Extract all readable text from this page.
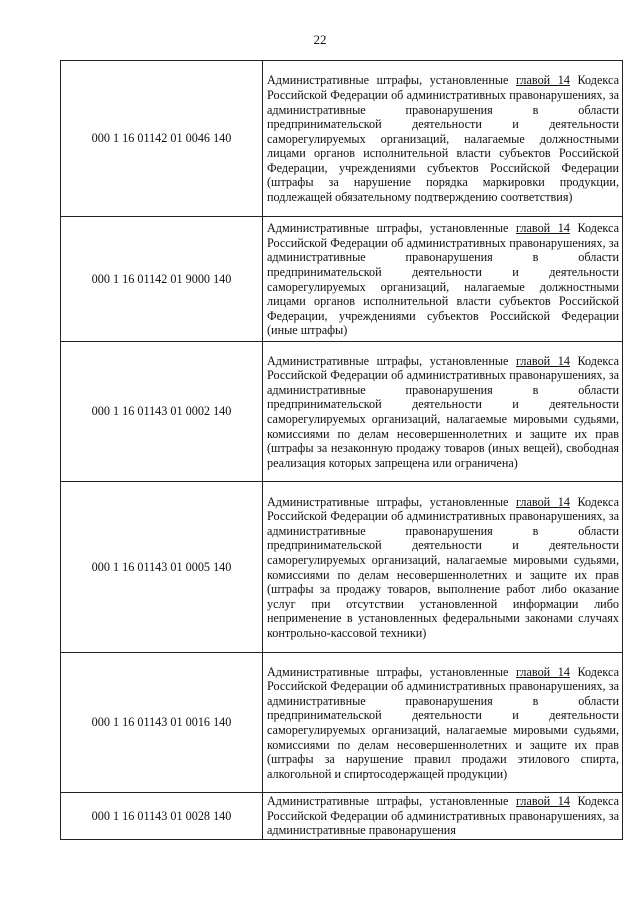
22
000 1 16 01142 01 0046 140	Административные штрафы, установленные главой 14 Кодекса Российской Федерации об административных правонарушениях, за административные правонарушения в области предпринимательской деятельности и деятельности саморегулируемых организаций, налагаемые должностными лицами органов исполнительной власти субъектов Российской Федерации, учреждениями субъектов Российской Федерации (штрафы за нарушение порядка маркировки продукции, подлежащей обязательному подтверждению соответствия)

000 1 16 01142 01 9000 140	Административные штрафы, установленные главой 14 Кодекса Российской Федерации об административных правонарушениях, за административные правонарушения в области предпринимательской деятельности и деятельности саморегулируемых организаций, налагаемые должностными лицами органов исполнительной власти субъектов Российской Федерации, учреждениями субъектов Российской Федерации (иные штрафы)

000 1 16 01143 01 0002 140	Административные штрафы, установленные главой 14 Кодекса Российской Федерации об административных правонарушениях, за административные правонарушения в области предпринимательской деятельности и деятельности саморегулируемых организаций, налагаемые мировыми судьями, комиссиями по делам несовершеннолетних и защите их прав (штрафы за незаконную продажу товаров (иных вещей), свободная реализация которых запрещена или ограничена)

000 1 16 01143 01 0005 140	Административные штрафы, установленные главой 14 Кодекса Российской Федерации об административных правонарушениях, за административные правонарушения в области предпринимательской деятельности и деятельности саморегулируемых организаций, налагаемые мировыми судьями, комиссиями по делам несовершеннолетних и защите их прав (штрафы за продажу товаров, выполнение работ либо оказание услуг при отсутствии установленной информации либо неприменение в установленных федеральными законами случаях контрольно-кассовой техники)

000 1 16 01143 01 0016 140	Административные штрафы, установленные главой 14 Кодекса Российской Федерации об административных правонарушениях, за административные правонарушения в области предпринимательской деятельности и деятельности саморегулируемых организаций, налагаемые мировыми судьями, комиссиями по делам несовершеннолетних и защите их прав (штрафы за нарушение правил продажи этилового спирта, алкогольной и спиртосодержащей продукции)

000 1 16 01143 01 0028 140	Административные штрафы, установленные главой 14 Кодекса Российской Федерации об административных правонарушениях, за административные правонарушения
